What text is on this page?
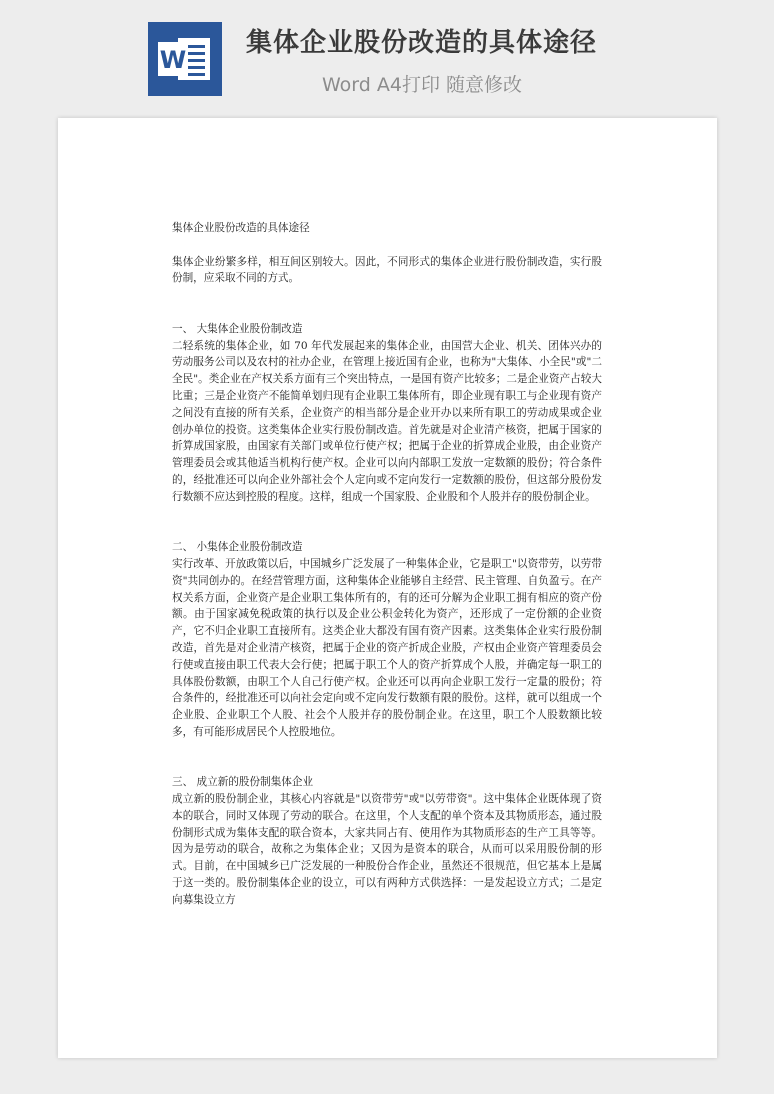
W
集体企业股份改造的具体途径
Word A4打印 随意修改

集体企业股份改造的具体途径

集体企业纷繁多样，相互间区别较大。因此，不同形式的集体企业进行股份制改造，实行股份制，应采取不同的方式。

一、 大集体企业股份制改造

二轻系统的集体企业，如 70 年代发展起来的集体企业，由国营大企业、机关、团体兴办的劳动服务公司以及农村的社办企业，在管理上接近国有企业，也称为"大集体、小全民"或"二全民"。类企业在产权关系方面有三个突出特点，一是国有资产比较多；二是企业资产占较大比重；三是企业资产不能简单划归现有企业职工集体所有，即企业现有职工与企业现有资产之间没有直接的所有关系，企业资产的相当部分是企业开办以来所有职工的劳动成果或企业创办单位的投资。这类集体企业实行股份制改造。首先就是对企业清产核资，把属于国家的折算成国家股，由国家有关部门或单位行使产权；把属于企业的折算成企业股，由企业资产管理委员会或其他适当机构行使产权。企业可以向内部职工发放一定数额的股份；符合条件的，经批准还可以向企业外部社会个人定向或不定向发行一定数额的股份，但这部分股份发行数额不应达到控股的程度。这样，组成一个国家股、企业股和个人股并存的股份制企业。

二、 小集体企业股份制改造

实行改革、开放政策以后，中国城乡广泛发展了一种集体企业，它是职工"以资带劳，以劳带资"共同创办的。在经营管理方面，这种集体企业能够自主经营、民主管理、自负盈亏。在产权关系方面，企业资产是企业职工集体所有的，有的还可分解为企业职工拥有相应的资产份额。由于国家减免税政策的执行以及企业公积金转化为资产，还形成了一定份额的企业资产，它不归企业职工直接所有。这类企业大都没有国有资产因素。这类集体企业实行股份制改造，首先是对企业清产核资，把属于企业的资产折成企业股，产权由企业资产管理委员会行使或直接由职工代表大会行使；把属于职工个人的资产折算成个人股，并确定每一职工的具体股份数额，由职工个人自己行使产权。企业还可以再向企业职工发行一定量的股份；符合条件的，经批准还可以向社会定向或不定向发行数额有限的股份。这样，就可以组成一个企业股、企业职工个人股、社会个人股并存的股份制企业。在这里，职工个人股数额比较多，有可能形成居民个人控股地位。

三、 成立新的股份制集体企业

成立新的股份制企业，其核心内容就是"以资带劳"或"以劳带资"。这中集体企业既体现了资本的联合，同时又体现了劳动的联合。在这里，个人支配的单个资本及其物质形态，通过股份制形式成为集体支配的联合资本，大家共同占有、使用作为其物质形态的生产工具等等。因为是劳动的联合，故称之为集体企业；又因为是资本的联合，从而可以采用股份制的形式。目前，在中国城乡已广泛发展的一种股份合作企业，虽然还不很规范，但它基本上是属于这一类的。股份制集体企业的设立，可以有两种方式供选择：一是发起设立方式；二是定向募集设立方
